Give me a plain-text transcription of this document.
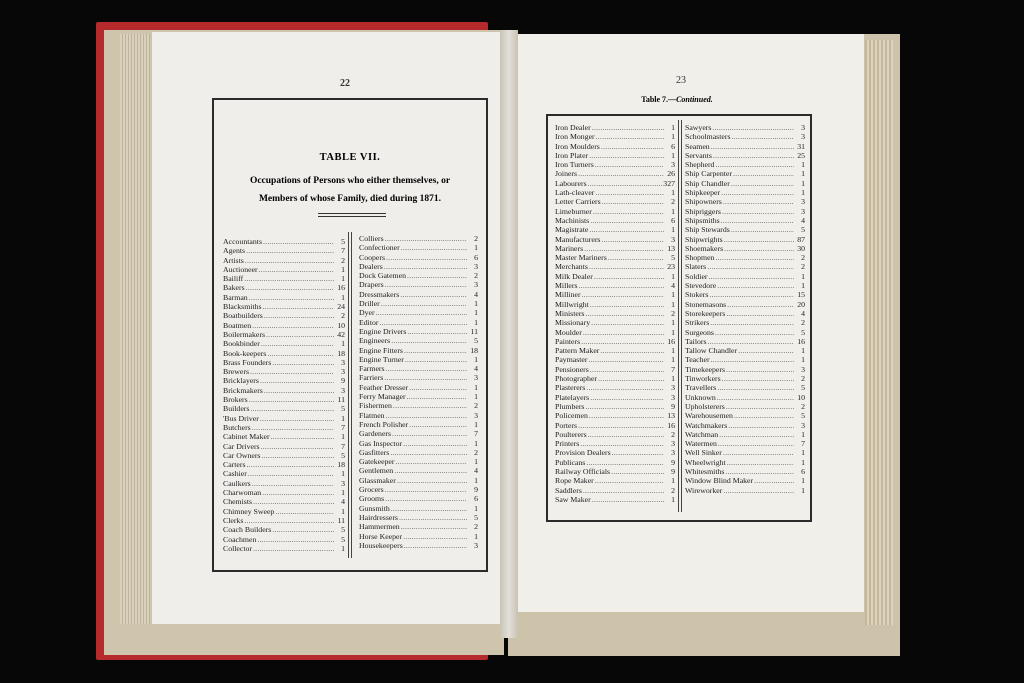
22	23
Table 7.—Continued.
TABLE VII.
Occupations of Persons who either themselves, or
Members of whose Family, died during 1871.
Accountants .....	5
Agents .....	7
Artists .....	2
Auctioneer .....	1
Bailiff .....	1
Bakers .....	16
Barman .....	1
Blacksmiths .....	24
Boatbuilders .....	2
Boatmen .....	10
Boilermakers .....	42
Bookbinder .....	1
Book-keepers .....	18
Brass Founders .....	3
Brewers .....	3
Bricklayers .....	9
Brickmakers .....	3
Brokers .....	11
Builders .....	5
'Bus Driver .....	1
Butchers .....	7
Cabinet Maker .....	1
Car Drivers .....	7
Car Owners .....	5
Carters .....	18
Cashier .....	1
Caulkers .....	3
Charwoman .....	1
Chemists .....	4
Chimney Sweep .....	1
Clerks .....	11
Coach Builders .....	5
Coachmen .....	5
Collector .....	1
Colliers .....	2
Confectioner .....	1
Coopers .....	6
Dealers .....	3
Dock Gatemen .....	2
Drapers .....	3
Dressmakers .....	4
Driller .....	1
Dyer .....	1
Editor .....	1
Engine Drivers .....	11
Engineers .....	5
Engine Fitters .....	18
Engine Turner .....	1
Farmers .....	4
Farriers .....	3
Feather Dresser .....	1
Ferry Manager .....	1
Fishermen .....	2
Flatmen .....	3
French Polisher .....	1
Gardeners .....	7
Gas Inspector .....	1
Gasfitters .....	2
Gatekeeper .....	1
Gentlemen .....	4
Glassmaker .....	1
Grocers .....	9
Grooms .....	6
Gunsmith .....	1
Hairdressers .....	5
Hammermen .....	2
Horse Keeper .....	1
Housekeepers .....	3
Iron Dealer .....	1
Iron Monger .....	1
Iron Moulders .....	6
Iron Plater .....	1
Iron Turners .....	3
Joiners .....	26
Labourers .....	327
Lath-cleaver .....	1
Letter Carriers .....	2
Limeburner .....	1
Machinists .....	6
Magistrate .....	1
Manufacturers .....	3
Mariners .....	13
Master Mariners .....	5
Merchants .....	23
Milk Dealer .....	1
Millers .....	4
Milliner .....	1
Millwright .....	1
Ministers .....	2
Missionary .....	1
Moulder .....	1
Painters .....	16
Pattern Maker .....	1
Paymaster .....	1
Pensioners .....	7
Photographer .....	1
Plasterers .....	3
Platelayers .....	3
Plumbers .....	9
Policemen .....	13
Porters .....	16
Poulterers .....	2
Printers .....	3
Provision Dealers .....	3
Publicans .....	9
Railway Officials .....	9
Rope Maker .....	1
Saddlers .....	2
Saw Maker .....	1
Sawyers .....	3
Schoolmasters .....	3
Seamen .....	31
Servants .....	25
Shepherd .....	1
Ship Carpenter .....	1
Ship Chandler .....	1
Shipkeeper .....	1
Shipowners .....	3
Shipriggers .....	3
Shipsmiths .....	4
Ship Stewards .....	5
Shipwrights .....	87
Shoemakers .....	30
Shopmen .....	2
Slaters .....	2
Soldier .....	1
Stevedore .....	1
Stokers .....	15
Stonemasons .....	20
Storekeepers .....	4
Strikers .....	2
Surgeons .....	5
Tailors .....	16
Tallow Chandler .....	1
Teacher .....	1
Timekeepers .....	3
Tinworkers .....	2
Travellers .....	5
Unknown .....	10
Upholsterers .....	2
Warehousemen .....	5
Watchmakers .....	3
Watchman .....	1
Watermen .....	7
Well Sinker .....	1
Wheelwright .....	1
Whitesmiths .....	6
Window Blind Maker .....	1
Wireworker .....	1
